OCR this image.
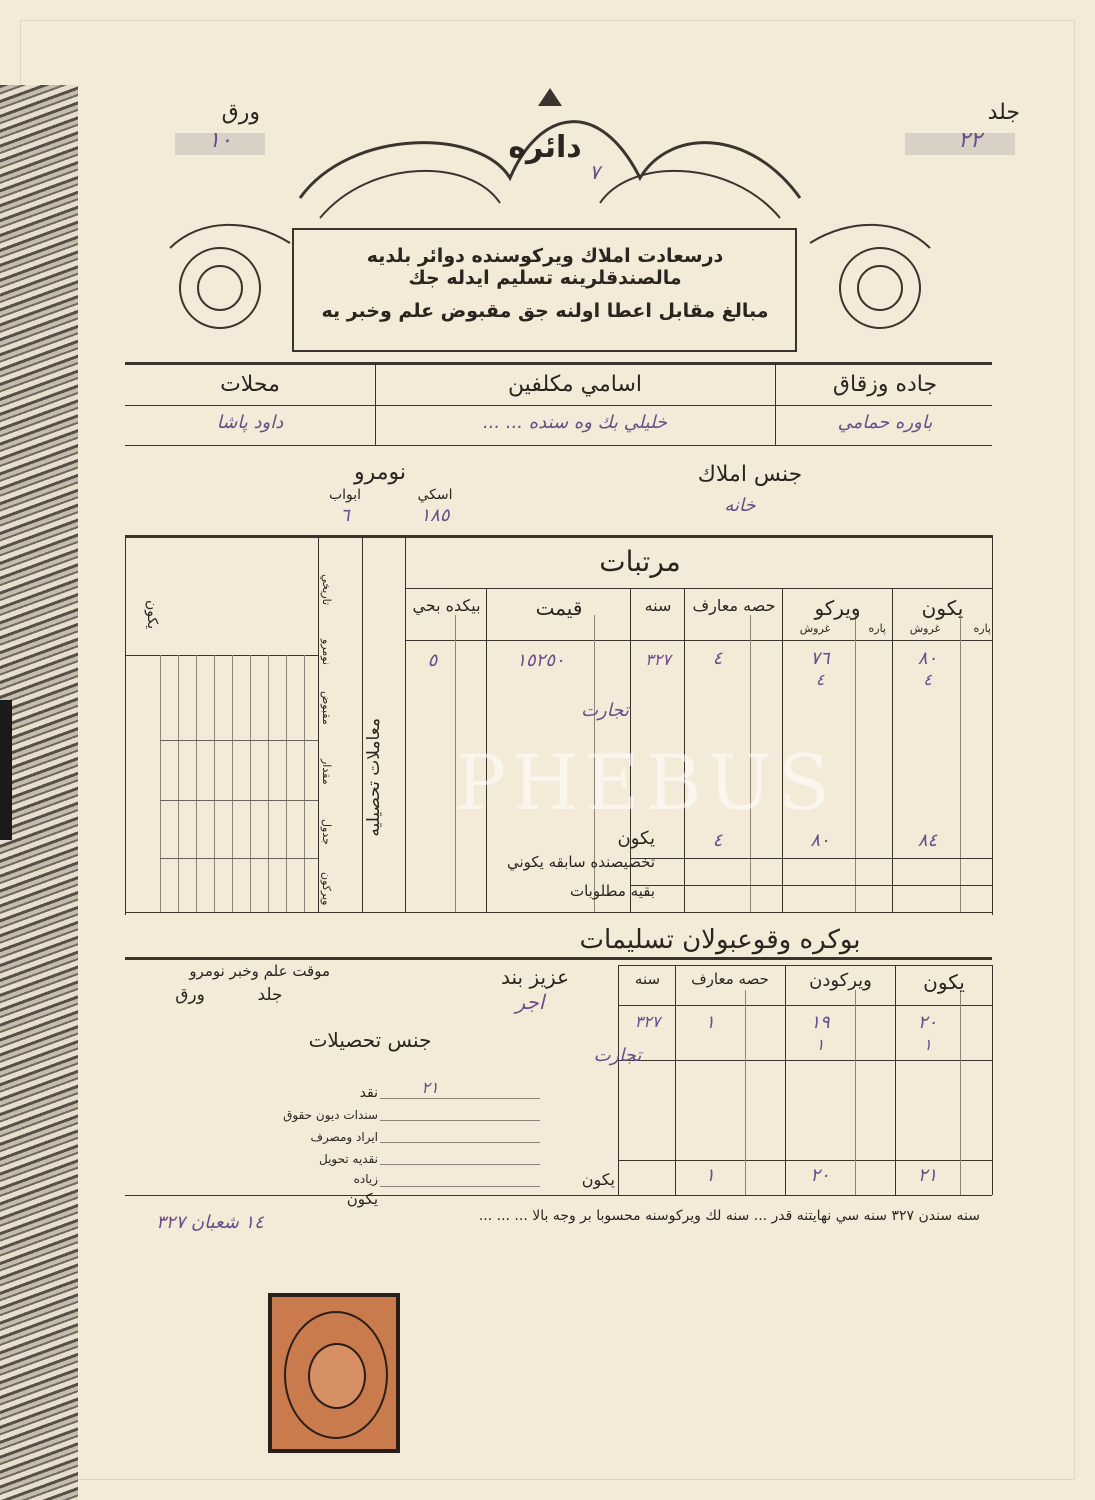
جلد
٢٢
ورق
١٠	دائره
٧
درسعادت املاك ويركوسنده دوائر بلديه مالصندقلرينه تسليم ايدله جك
مبالغ مقابل اعطا اولنه جق مقبوض علم وخبر يه
جاده وزقاق
باوره حمامي
اسامي مكلفين
خليلي بك وه سنده ... ...
محلات
داود پاشا
جنس املاك
خانه
نومرو
اسكي
ابواب
١٨٥
٦
مرتبات
يكون
ويركو
حصه معارف
سنه
قيمت
بيكده بحي
پاره
غروش
پاره
غروش
٨٠
٤
٧٦
٤
٤
٣٢٧
١٥٢٥٠
٥
تجارت
يكون
تخصيصنده سابقه يكوني
بقيه مطلوبات
٨٤
٨٠
٤
معاملات تحصيليه
تاريخي
نومرو
مقبوض
مقدار
جدول
ويركون
يكون
بوكره وقوعبولان تسليمات
يكون
ويركودن
حصه معارف
سنه
٢٠
١
١٩
١
١
٣٢٧
تجارت
يكون	٢١
٢٠
١
عزيز بند
اجر
موقت علم وخبر نومرو
جلد
ورق
جنس تحصيلات
نقد
سندات ديون حقوق
ايراد ومصرف
نقديه تحويل
زياده
٢١
يكون
سنه سندن ٣٢٧ سنه سي نهايتنه قدر ... سنه لك ويركوسنه محسوبا بر وجه بالا ... ... ...
١٤ شعبان ٣٢٧
PHEBUS
